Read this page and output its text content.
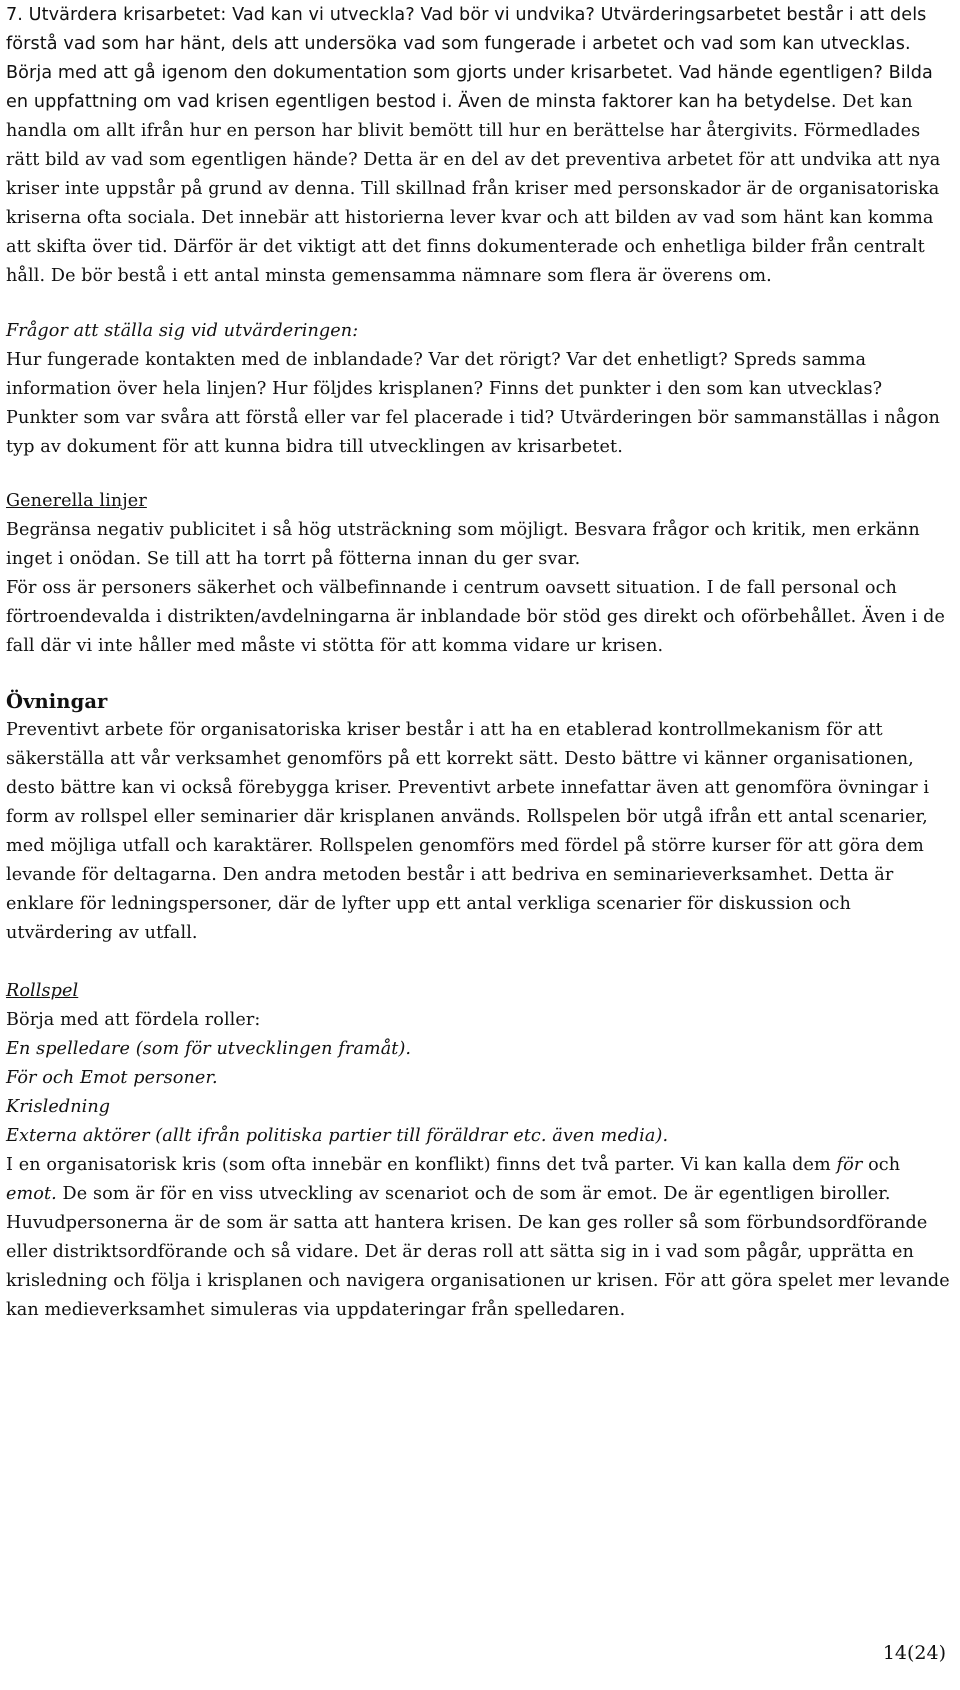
7. Utvärdera krisarbetet: Vad kan vi utveckla? Vad bör vi undvika? Utvärderingsarbetet består i att dels förstå vad som har hänt, dels att undersöka vad som fungerade i arbetet och vad som kan utvecklas. Börja med att gå igenom den dokumentation som gjorts under krisarbetet. Vad hände egentligen? Bilda en uppfattning om vad krisen egentligen bestod i. Även de minsta faktorer kan ha betydelse. Det kan handla om allt ifrån hur en person har blivit bemött till hur en berättelse har återgivits. Förmedlades rätt bild av vad som egentligen hände? Detta är en del av det preventiva arbetet för att undvika att nya kriser inte uppstår på grund av denna. Till skillnad från kriser med personskador är de organisatoriska kriserna ofta sociala. Det innebär att historierna lever kvar och att bilden av vad som hänt kan komma att skifta över tid. Därför är det viktigt att det finns dokumenterade och enhetliga bilder från centralt håll. De bör bestå i ett antal minsta gemensamma nämnare som flera är överens om.

Frågor att ställa sig vid utvärderingen:

Hur fungerade kontakten med de inblandade? Var det rörigt? Var det enhetligt? Spreds samma information över hela linjen? Hur följdes krisplanen? Finns det punkter i den som kan utvecklas? Punkter som var svåra att förstå eller var fel placerade i tid? Utvärderingen bör sammanställas i någon typ av dokument för att kunna bidra till utvecklingen av krisarbetet.

Generella linjer

Begränsa negativ publicitet i så hög utsträckning som möjligt. Besvara frågor och kritik, men erkänn inget i onödan. Se till att ha torrt på fötterna innan du ger svar.

För oss är personers säkerhet och välbefinnande i centrum oavsett situation. I de fall personal och förtroendevalda i distrikten/avdelningarna är inblandade bör stöd ges direkt och oförbehållet. Även i de fall där vi inte håller med måste vi stötta för att komma vidare ur krisen.

Övningar

Preventivt arbete för organisatoriska kriser består i att ha en etablerad kontrollmekanism för att säkerställa att vår verksamhet genomförs på ett korrekt sätt. Desto bättre vi känner organisationen, desto bättre kan vi också förebygga kriser. Preventivt arbete innefattar även att genomföra övningar i form av rollspel eller seminarier där krisplanen används. Rollspelen bör utgå ifrån ett antal scenarier, med möjliga utfall och karaktärer. Rollspelen genomförs med fördel på större kurser för att göra dem levande för deltagarna. Den andra metoden består i att bedriva en seminarieverksamhet. Detta är enklare för ledningspersoner, där de lyfter upp ett antal verkliga scenarier för diskussion och utvärdering av utfall.

Rollspel

Börja med att fördela roller:

En spelledare (som för utvecklingen framåt).

För och Emot personer.

Krisledning

Externa aktörer (allt ifrån politiska partier till föräldrar etc. även media).

I en organisatorisk kris (som ofta innebär en konflikt) finns det två parter. Vi kan kalla dem för och emot. De som är för en viss utveckling av scenariot och de som är emot. De är egentligen biroller. Huvudpersonerna är de som är satta att hantera krisen. De kan ges roller så som förbundsordförande eller distriktsordförande och så vidare. Det är deras roll att sätta sig in i vad som pågår, upprätta en krisledning och följa i krisplanen och navigera organisationen ur krisen. För att göra spelet mer levande kan medieverksamhet simuleras via uppdateringar från spelledaren.

14(24)
